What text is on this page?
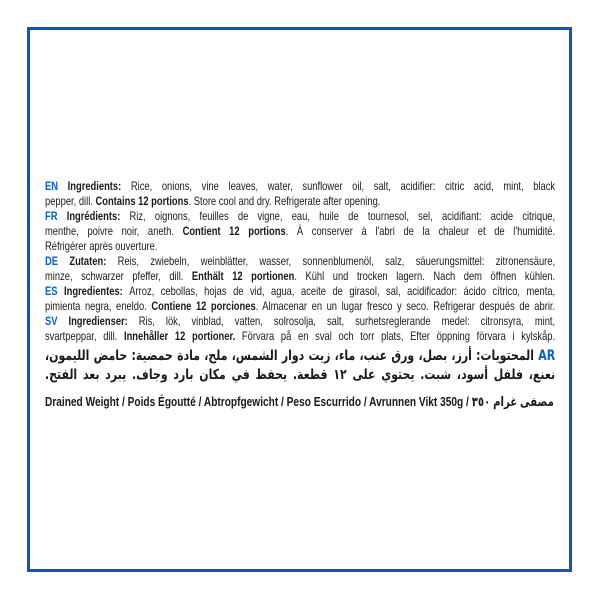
EN Ingredients: Rice, onions, vine leaves, water, sunflower oil, salt, acidifier: citric acid, mint, black
pepper, dill. Contains 12 portions. Store cool and dry. Refrigerate after opening.
FR Ingrédients: Riz, oignons, feuilles de vigne, eau, huile de tournesol, sel, acidifiant: acide citrique,
menthe, poivre noir, aneth. Contient 12 portions. À conserver à l'abri de la chaleur et de l'humidité.
Réfrigérer après ouverture.
DE Zutaten: Reis, zwiebeln, weinblätter, wasser, sonnenblumenöl, salz, säuerungsmittel: zitronensäure,
minze, schwarzer pfeffer, dill. Enthält 12 portionen. Kühl und trocken lagern. Nach dem öffnen kühlen.
ES Ingredientes: Arroz, cebollas, hojas de vid, agua, aceite de girasol, sal, acidificador: ácido cítrico, menta,
pimienta negra, eneldo. Contiene 12 porciones. Almacenar en un lugar fresco y seco. Refrigerar después de abrir.
SV Ingredienser: Ris, lök, vinblad, vatten, solrosolja, salt, surhetsreglerande medel: citronsyra, mint,
svartpeppar, dill. Innehåller 12 portioner. Förvara på en sval och torr plats, Efter öppning förvara i kylskåp.
AR المحتويات: أرز، بصل، ورق عنب، ماء، زيت دوار الشمس، ملح، مادة حمضية: حامض الليمون،
نعنع، فلفل أسود، شبت. يحتوي على ١٢ قطعة. يحفظ في مكان بارد وجاف. يبرد بعد الفتح.
Drained Weight / Poids Égoutté / Abtropfgewicht / Peso Escurrido / Avrunnen Vikt 350g / مصفى غرام ٣٥٠
